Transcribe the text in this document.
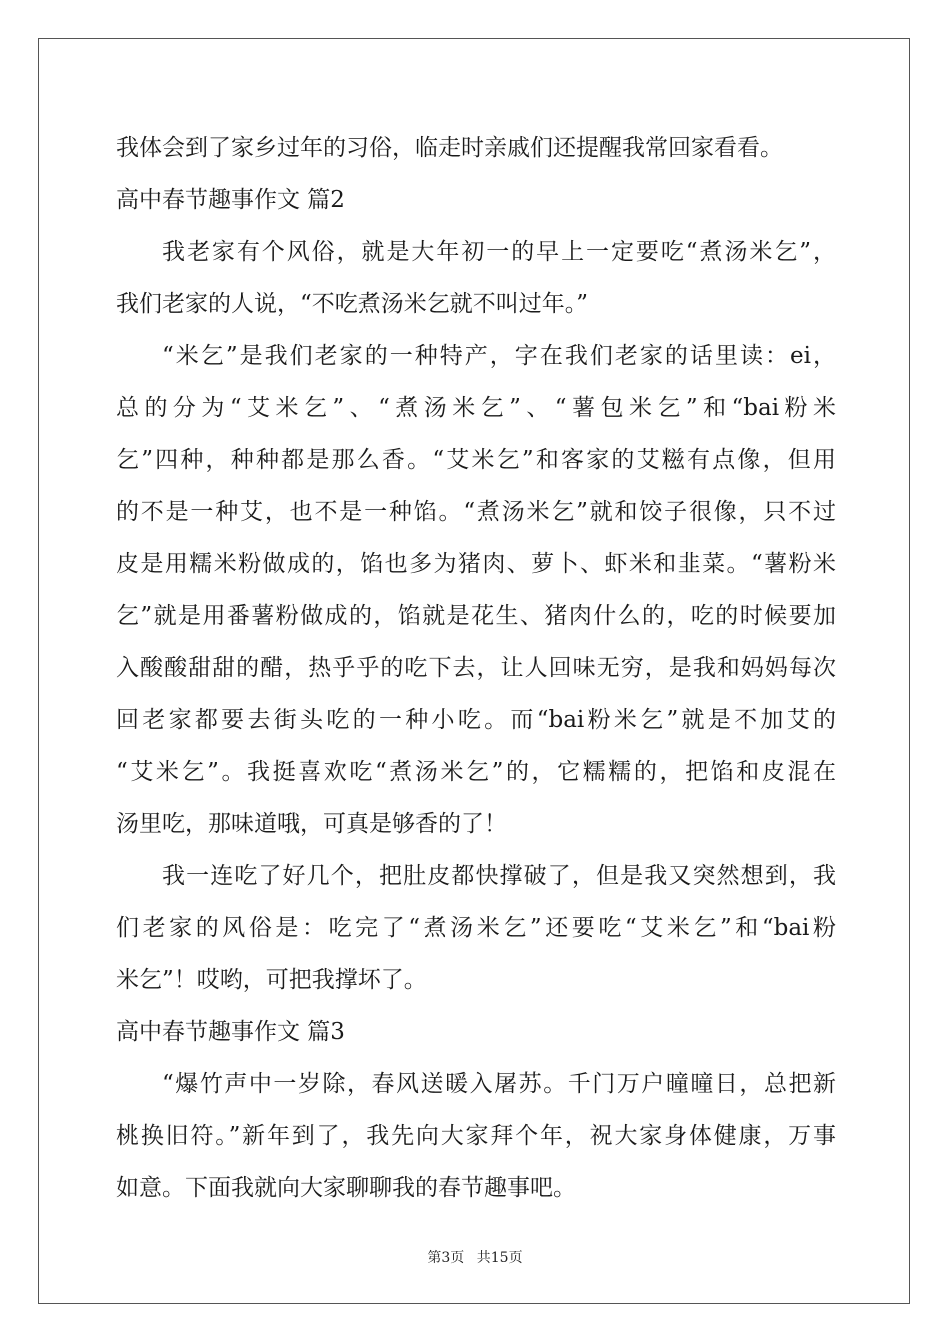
我体会到了家乡过年的习俗，临走时亲戚们还提醒我常回家看看。
高中春节趣事作文 篇2
我老家有个风俗，就是大年初一的早上一定要吃“煮汤米乞”，
我们老家的人说，“不吃煮汤米乞就不叫过年。”
“米乞”是我们老家的一种特产，字在我们老家的话里读：ei，
总的分为“艾米乞”、“煮汤米乞”、“薯包米乞”和“bai粉米
乞”四种，种种都是那么香。“艾米乞”和客家的艾糍有点像，但用
的不是一种艾，也不是一种馅。“煮汤米乞”就和饺子很像，只不过
皮是用糯米粉做成的，馅也多为猪肉、萝卜、虾米和韭菜。“薯粉米
乞”就是用番薯粉做成的，馅就是花生、猪肉什么的，吃的时候要加
入酸酸甜甜的醋，热乎乎的吃下去，让人回味无穷，是我和妈妈每次
回老家都要去街头吃的一种小吃。而“bai粉米乞”就是不加艾的
“艾米乞”。我挺喜欢吃“煮汤米乞”的，它糯糯的，把馅和皮混在
汤里吃，那味道哦，可真是够香的了！
我一连吃了好几个，把肚皮都快撑破了，但是我又突然想到，我
们老家的风俗是：吃完了“煮汤米乞”还要吃“艾米乞”和“bai粉
米乞”！哎哟，可把我撑坏了。
高中春节趣事作文 篇3
“爆竹声中一岁除，春风送暖入屠苏。千门万户曈曈日，总把新
桃换旧符。”新年到了，我先向大家拜个年，祝大家身体健康，万事
如意。下面我就向大家聊聊我的春节趣事吧。
第3页 共15页
